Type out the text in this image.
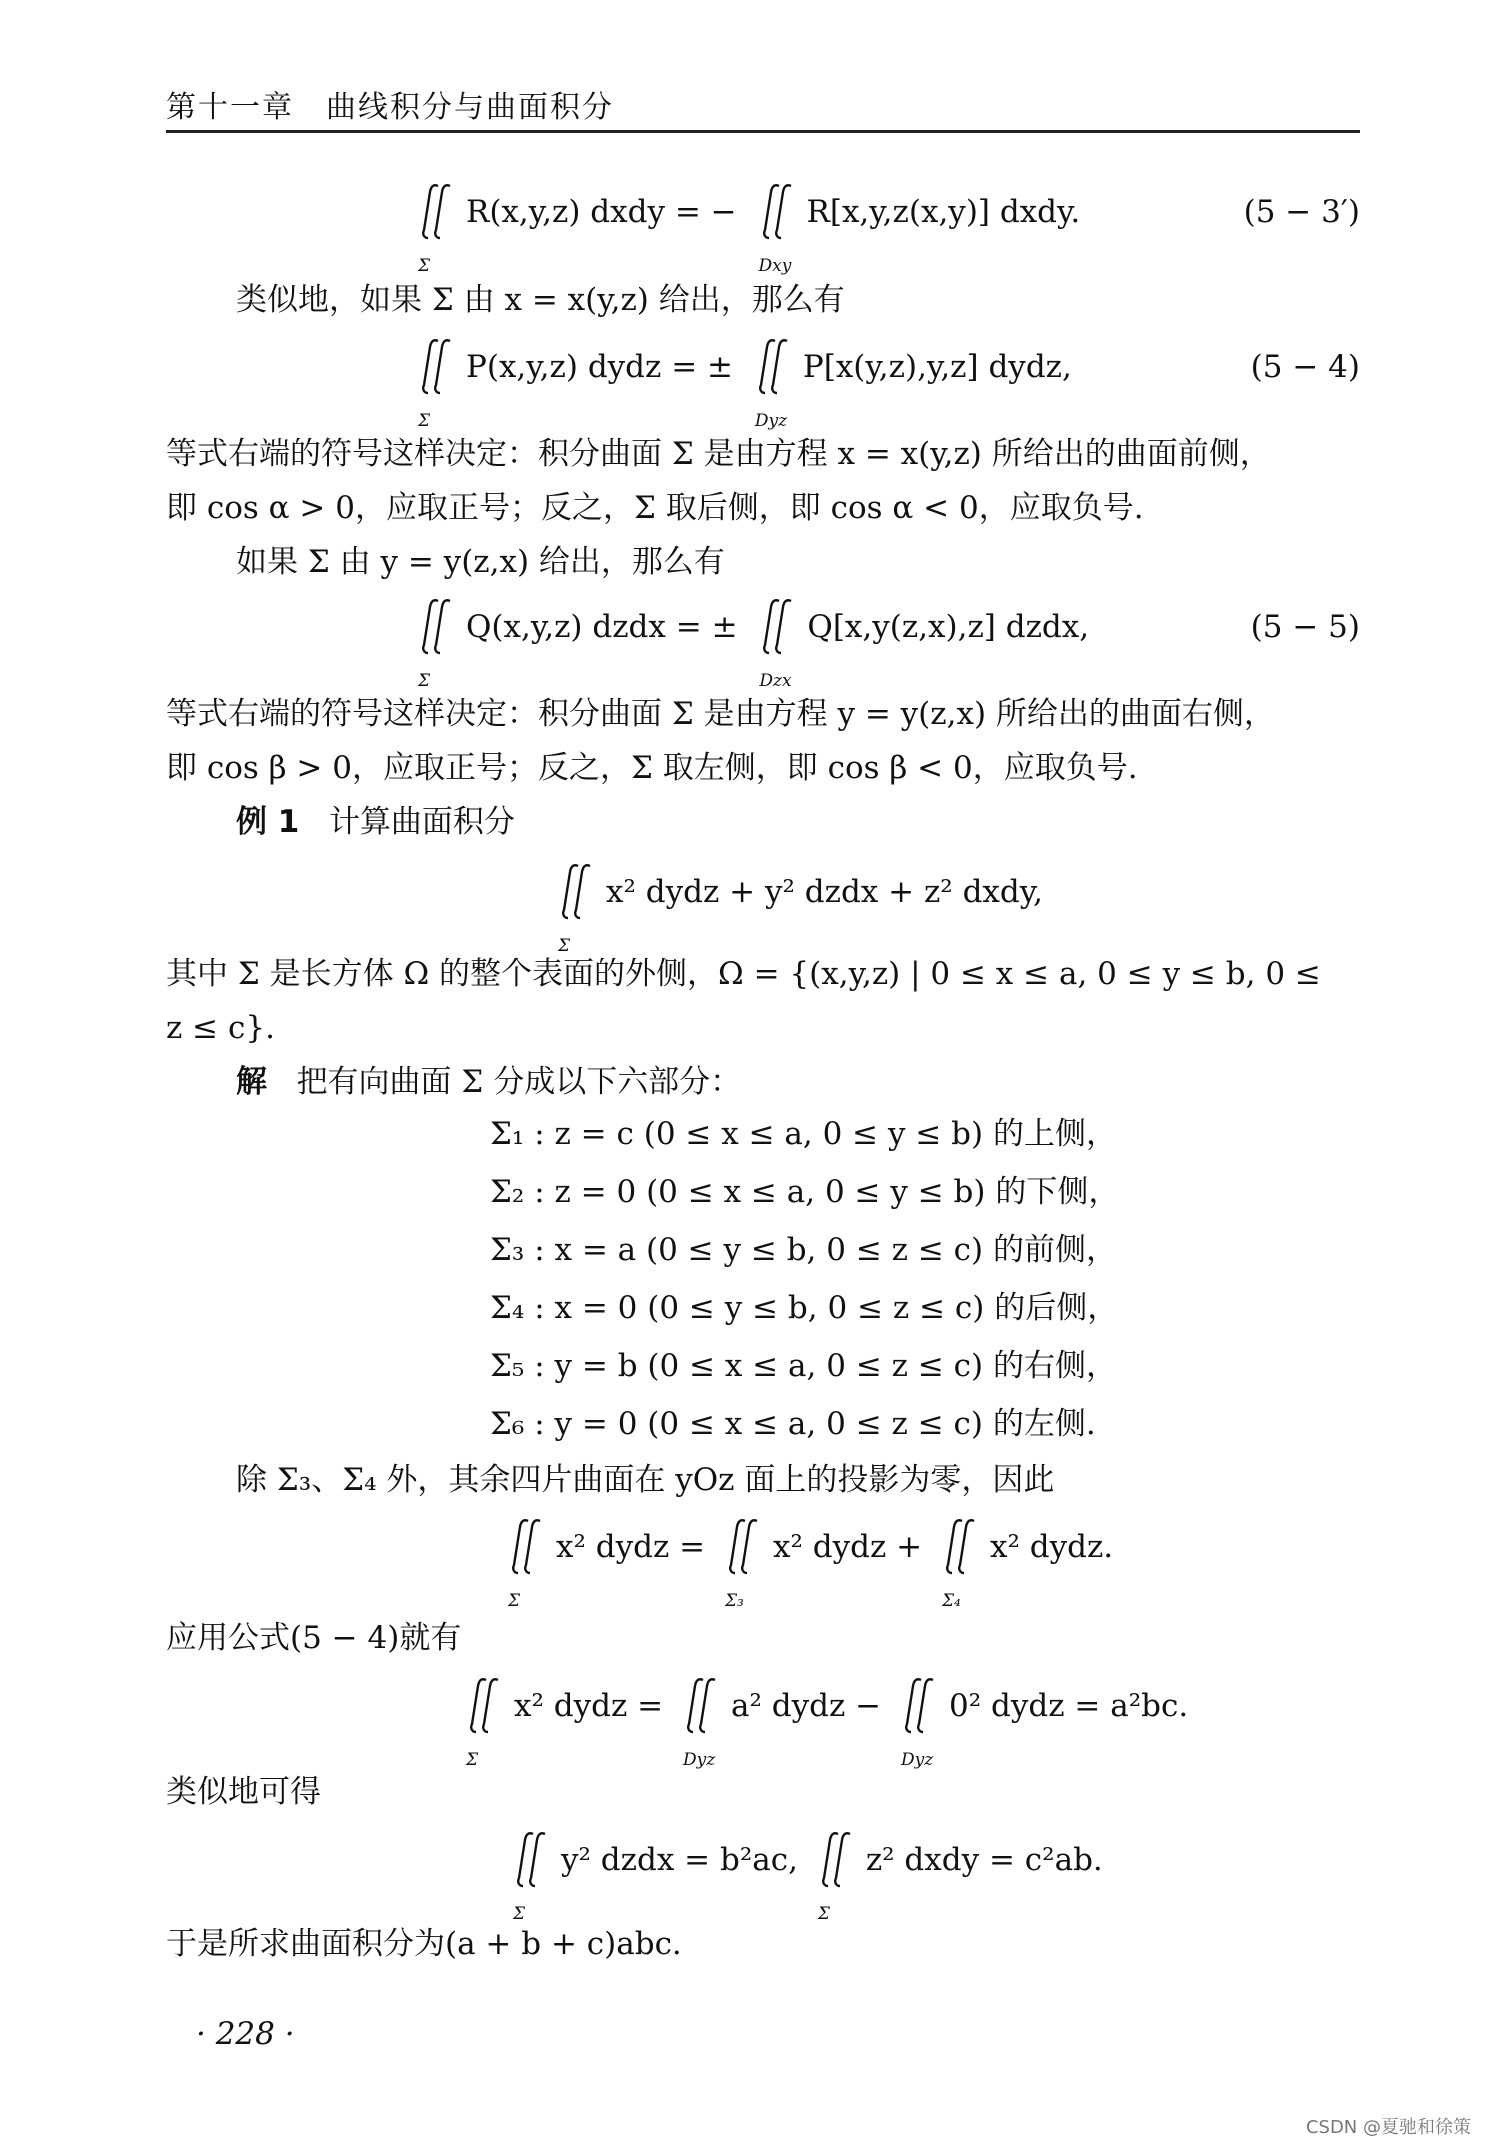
第十一章　曲线积分与曲面积分
Σ
R(x,y,z) dxdy = −
Dxy
R[x,y,z(x,y)] dxdy.	(5 − 3′)
类似地，如果 Σ 由 x = x(y,z) 给出，那么有
Σ
P(x,y,z) dydz = ±
Dyz
P[x(y,z),y,z] dydz,	(5 − 4)
等式右端的符号这样决定：积分曲面 Σ 是由方程 x = x(y,z) 所给出的曲面前侧，
即 cos α > 0，应取正号；反之，Σ 取后侧，即 cos α < 0，应取负号.
如果 Σ 由 y = y(z,x) 给出，那么有
Σ
Q(x,y,z) dzdx = ±
Dzx
Q[x,y(z,x),z] dzdx,	(5 − 5)
等式右端的符号这样决定：积分曲面 Σ 是由方程 y = y(z,x) 所给出的曲面右侧，
即 cos β > 0，应取正号；反之，Σ 取左侧，即 cos β < 0，应取负号.
例 1 计算曲面积分
Σ
x² dydz + y² dzdx + z² dxdy,
其中 Σ 是长方体 Ω 的整个表面的外侧，Ω = {(x,y,z) | 0 ≤ x ≤ a, 0 ≤ y ≤ b, 0 ≤
z ≤ c}.
解 把有向曲面 Σ 分成以下六部分：
Σ₁ : z = c (0 ≤ x ≤ a, 0 ≤ y ≤ b) 的上侧，
Σ₂ : z = 0 (0 ≤ x ≤ a, 0 ≤ y ≤ b) 的下侧，
Σ₃ : x = a (0 ≤ y ≤ b, 0 ≤ z ≤ c) 的前侧，
Σ₄ : x = 0 (0 ≤ y ≤ b, 0 ≤ z ≤ c) 的后侧，
Σ₅ : y = b (0 ≤ x ≤ a, 0 ≤ z ≤ c) 的右侧，
Σ₆ : y = 0 (0 ≤ x ≤ a, 0 ≤ z ≤ c) 的左侧.
除 Σ₃、Σ₄ 外，其余四片曲面在 yOz 面上的投影为零，因此
Σ
x² dydz =
Σ₃
x² dydz +
Σ₄
x² dydz.
应用公式(5 − 4)就有
Σ
x² dydz =
Dyz
a² dydz −
Dyz
0² dydz = a²bc.
类似地可得
Σ
y² dzdx = b²ac,
Σ
z² dxdy = c²ab.
于是所求曲面积分为(a + b + c)abc.
· 228 ·
CSDN @夏驰和徐策
